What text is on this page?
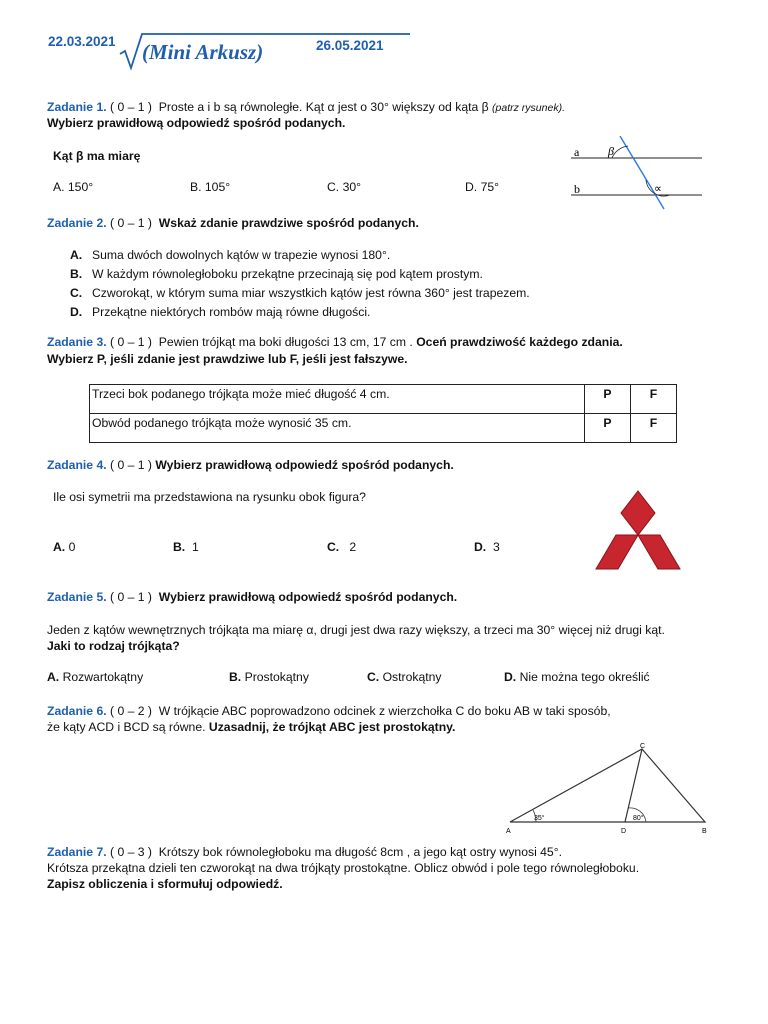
22.03.2021 (Mini Arkusz)	26.05.2021
Zadanie 1. ( 0 – 1 ) Proste a i b są równoległe. Kąt α jest o 30° większy od kąta β (patrz rysunek).
Wybierz prawidłową odpowiedź spośród podanych.
Kąt β ma miarę
A. 150°	B. 105°	C. 30°	D. 75°
a
b
β
∝
Zadanie 2. ( 0 – 1 ) Wskaż zdanie prawdziwe spośród podanych.
A. Suma dwóch dowolnych kątów w trapezie wynosi 180°.
B. W każdym równoległoboku przekątne przecinają się pod kątem prostym.
C. Czworokąt, w którym suma miar wszystkich kątów jest równa 360° jest trapezem.
D. Przekątne niektórych rombów mają równe długości.
Zadanie 3. ( 0 – 1 ) Pewien trójkąt ma boki długości 13 cm, 17 cm . Oceń prawdziwość każdego zdania.
Wybierz P, jeśli zdanie jest prawdziwe lub F, jeśli jest fałszywe.
Trzeci bok podanego trójkąta może mieć długość 4 cm.	P	F
Obwód podanego trójkąta może wynosić 35 cm.	P	F
Zadanie 4. ( 0 – 1 ) Wybierz prawidłową odpowiedź spośród podanych.
Ile osi symetrii ma przedstawiona na rysunku obok figura?
A. 0	B. 1	C. 2	D. 3
Zadanie 5. ( 0 – 1 ) Wybierz prawidłową odpowiedź spośród podanych.
Jeden z kątów wewnętrznych trójkąta ma miarę α, drugi jest dwa razy większy, a trzeci ma 30° więcej niż drugi kąt.
Jaki to rodzaj trójkąta?
A. Rozwartokątny	B. Prostokątny	C. Ostrokątny	D. Nie można tego określić
Zadanie 6. ( 0 – 2 ) W trójkącie ABC poprowadzono odcinek z wierzchołka C do boku AB w taki sposób,
że kąty ACD i BCD są równe. Uzasadnij, że trójkąt ABC jest prostokątny.
A	B
C
D
35°	80°
Zadanie 7. ( 0 – 3 ) Krótszy bok równoległoboku ma długość 8cm , a jego kąt ostry wynosi 45°.
Krótsza przekątna dzieli ten czworokąt na dwa trójkąty prostokątne. Oblicz obwód i pole tego równoległoboku.
Zapisz obliczenia i sformułuj odpowiedź.
